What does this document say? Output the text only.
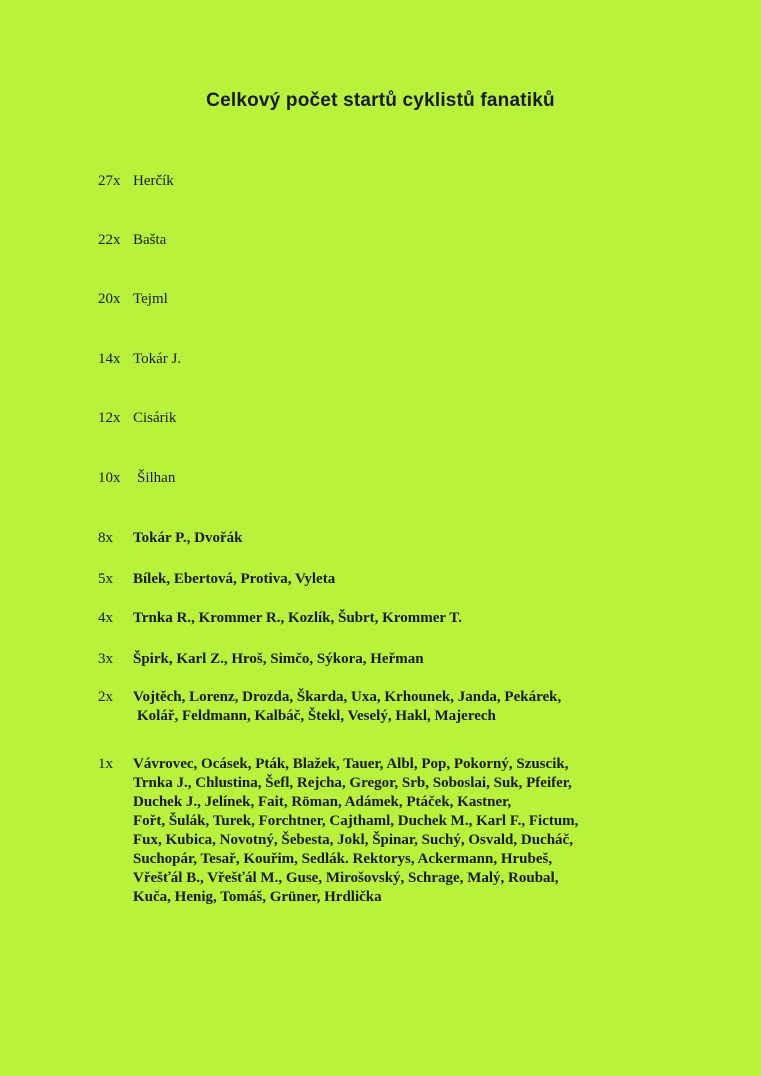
Celkový počet startů cyklistů fanatiků
27x Herčík
22x Bašta
20x Tejml
14x Tokár J.
12x Cisárik
10x Šilhan
8x Tokár P., Dvořák
5x Bílek, Ebertová, Protiva, Vyleta
4x Trnka R., Krommer R., Kozlík, Šubrt, Krommer T.
3x Špirk, Karl Z., Hroš, Simčo, Sýkora, Heřman
2x Vojtěch, Lorenz, Drozda, Škarda, Uxa, Krhounek, Janda, Pekárek,
Kolář, Feldmann, Kalbáč, Štekl, Veselý, Hakl, Majerech
1x Vávrovec, Ocásek, Pták, Blažek, Tauer, Albl, Pop, Pokorný, Szuscik,
Trnka J., Chlustina, Šefl, Rejcha, Gregor, Srb, Soboslai, Suk, Pfeifer,
Duchek J., Jelínek, Fait, Röman, Adámek, Ptáček, Kastner,
Fořt, Šulák, Turek, Forchtner, Cajthaml, Duchek M., Karl F., Fictum,
Fux, Kubica, Novotný, Šebesta, Jokl, Špinar, Suchý, Osvald, Ducháč,
Suchopár, Tesař, Kouřim, Sedlák. Rektorys, Ackermann, Hrubeš,
Vřešťál B., Vřešťál M., Guse, Mirošovský, Schrage, Malý, Roubal,
Kuča, Henig, Tomáš, Grüner, Hrdlička
